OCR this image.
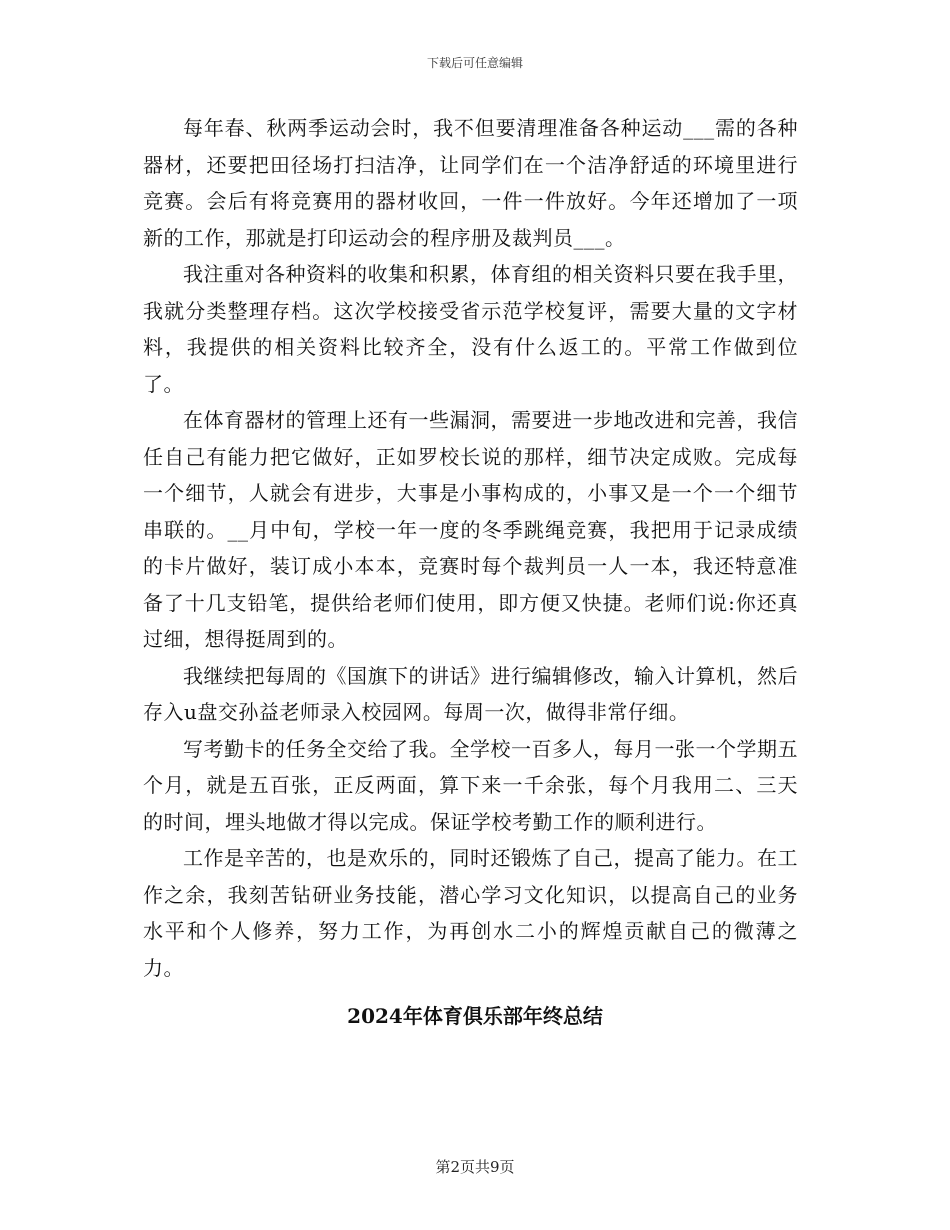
下载后可任意编辑

每年春、秋两季运动会时，我不但要清理准备各种运动___需的各种器材，还要把田径场打扫洁净，让同学们在一个洁净舒适的环境里进行竞赛。会后有将竞赛用的器材收回，一件一件放好。今年还增加了一项新的工作，那就是打印运动会的程序册及裁判员___。

我注重对各种资料的收集和积累，体育组的相关资料只要在我手里，我就分类整理存档。这次学校接受省示范学校复评，需要大量的文字材料，我提供的相关资料比较齐全，没有什么返工的。平常工作做到位了。

在体育器材的管理上还有一些漏洞，需要进一步地改进和完善，我信任自己有能力把它做好，正如罗校长说的那样，细节决定成败。完成每一个细节，人就会有进步，大事是小事构成的，小事又是一个一个细节串联的。__月中旬，学校一年一度的冬季跳绳竞赛，我把用于记录成绩的卡片做好，装订成小本本，竞赛时每个裁判员一人一本，我还特意准备了十几支铅笔，提供给老师们使用，即方便又快捷。老师们说:你还真过细，想得挺周到的。

我继续把每周的《国旗下的讲话》进行编辑修改，输入计算机，然后存入u盘交孙益老师录入校园网。每周一次，做得非常仔细。

写考勤卡的任务全交给了我。全学校一百多人，每月一张一个学期五个月，就是五百张，正反两面，算下来一千余张，每个月我用二、三天的时间，埋头地做才得以完成。保证学校考勤工作的顺利进行。

工作是辛苦的，也是欢乐的，同时还锻炼了自己，提高了能力。在工作之余，我刻苦钻研业务技能，潜心学习文化知识，以提高自己的业务水平和个人修养，努力工作，为再创水二小的辉煌贡献自己的微薄之力。

2024年体育俱乐部年终总结
第2页共9页
